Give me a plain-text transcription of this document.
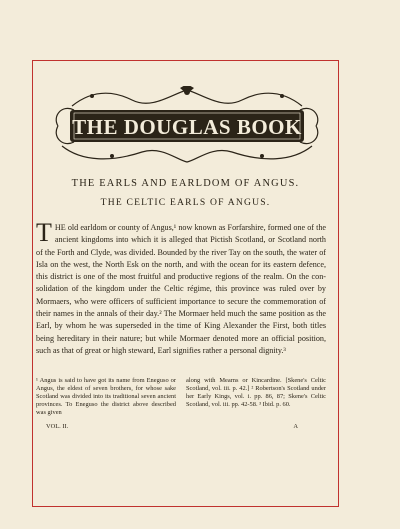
THE DOUGLAS BOOK
THE EARLS AND EARLDOM OF ANGUS.
THE CELTIC EARLS OF ANGUS.

THE old earldom or county of Angus,¹ now known as Forfarshire, formed one of the ancient kingdoms into which it is alleged that Pictish Scotland, or Scotland north of the Forth and Clyde, was divided. Bounded by the river Tay on the south, the water of Isla on the west, the North Esk on the north, and with the ocean for its eastern defence, this district is one of the most fruitful and productive regions of the realm. On the con-solidation of the kingdom under the Celtic régime, this province was ruled over by Mormaers, who were officers of sufficient importance to secure the commemoration of their names in the annals of their day.² The Mormaer held much the same position as the Earl, by whom he was superseded in the time of King Alexander the First, both titles being hereditary in their nature; but while Mormaer denoted more an official position, such as that of great or high steward, Earl signifies rather a personal dignity.³

¹ Angus is said to have got its name from Eneguso or Angus, the eldest of seven brothers, for whose sake Scotland was divided into its traditional seven ancient provinces. To Eneguso the district above described was given

along with Mearns or Kincardine. [Skene's Celtic Scotland, vol. iii. p. 42.] ² Robertson's Scotland under her Early Kings, vol. i. pp. 86, 87; Skene's Celtic Scotland, vol. iii. pp. 42-58. ³ Ibid. p. 60.

VOL. II.	A
